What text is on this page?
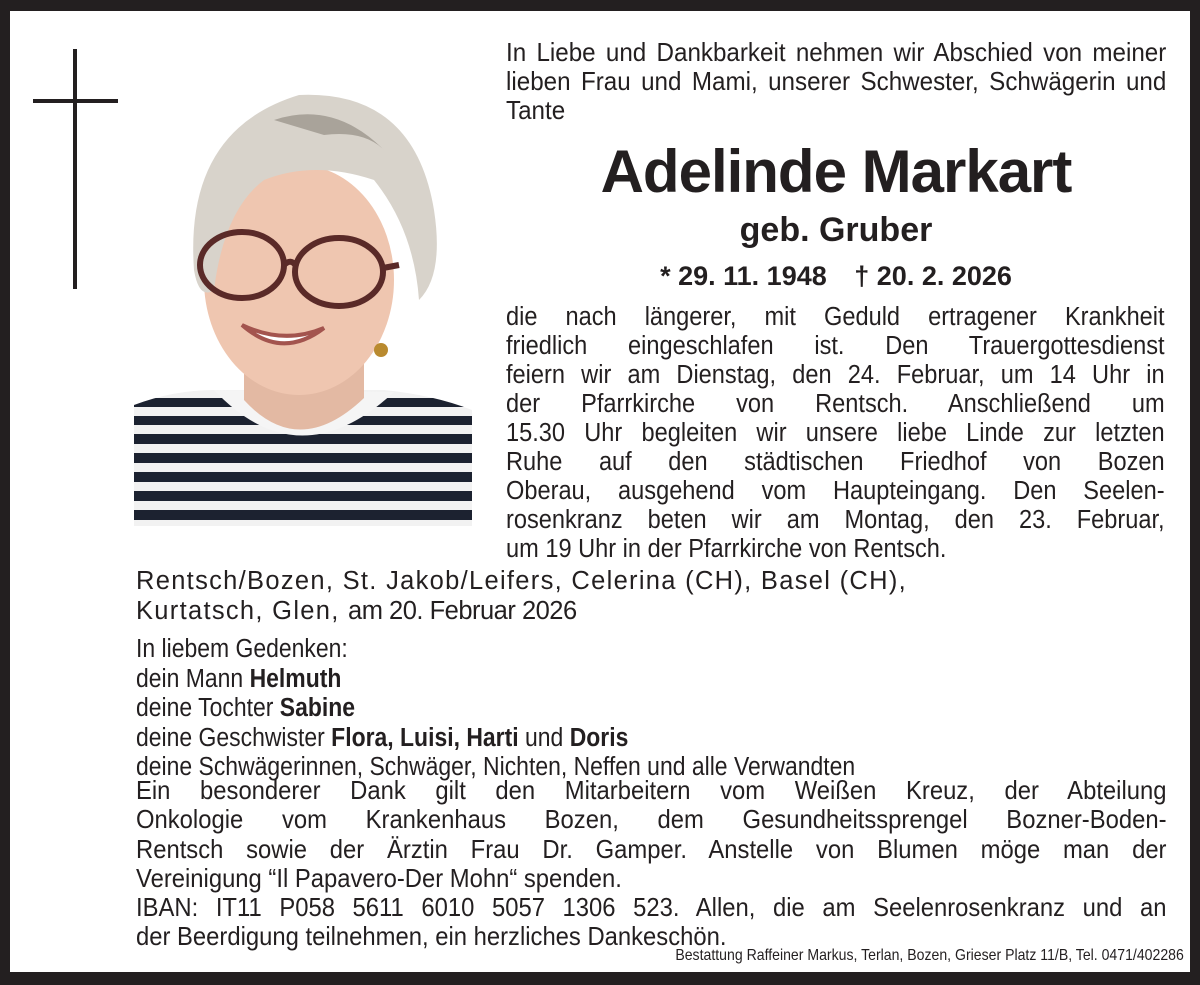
In Liebe und Dankbarkeit nehmen wir Abschied von meiner lieben Frau und Mami, unserer Schwester, Schwägerin und Tante
Adelinde Markart
geb. Gruber
* 29. 11. 1948 † 20. 2. 2026
die nach längerer, mit Geduld ertragener Krankheit
friedlich eingeschlafen ist. Den Trauergottesdienst
feiern wir am Dienstag, den 24. Februar, um 14 Uhr in
der Pfarrkirche von Rentsch. Anschließend um
15.30 Uhr begleiten wir unsere liebe Linde zur letzten
Ruhe auf den städtischen Friedhof von Bozen
Oberau, ausgehend vom Haupteingang. Den Seelen-
rosenkranz beten wir am Montag, den 23. Februar,
um 19 Uhr in der Pfarrkirche von Rentsch.
Rentsch/Bozen, St. Jakob/Leifers, Celerina (CH), Basel (CH),
Kurtatsch, Glen, am 20. Februar 2026
In liebem Gedenken:
dein Mann Helmuth
deine Tochter Sabine
deine Geschwister Flora, Luisi, Harti und Doris
deine Schwägerinnen, Schwäger, Nichten, Neffen und alle Verwandten
Ein besonderer Dank gilt den Mitarbeitern vom Weißen Kreuz, der Abteilung
Onkologie vom Krankenhaus Bozen, dem Gesundheitssprengel Bozner-Boden-
Rentsch sowie der Ärztin Frau Dr. Gamper. Anstelle von Blumen möge man der
Vereinigung “Il Papavero-Der Mohn“ spenden.
IBAN: IT11 P058 5611 6010 5057 1306 523. Allen, die am Seelenrosenkranz und an
der Beerdigung teilnehmen, ein herzliches Dankeschön.
Bestattung Raffeiner Markus, Terlan, Bozen, Grieser Platz 11/B, Tel. 0471/402286
